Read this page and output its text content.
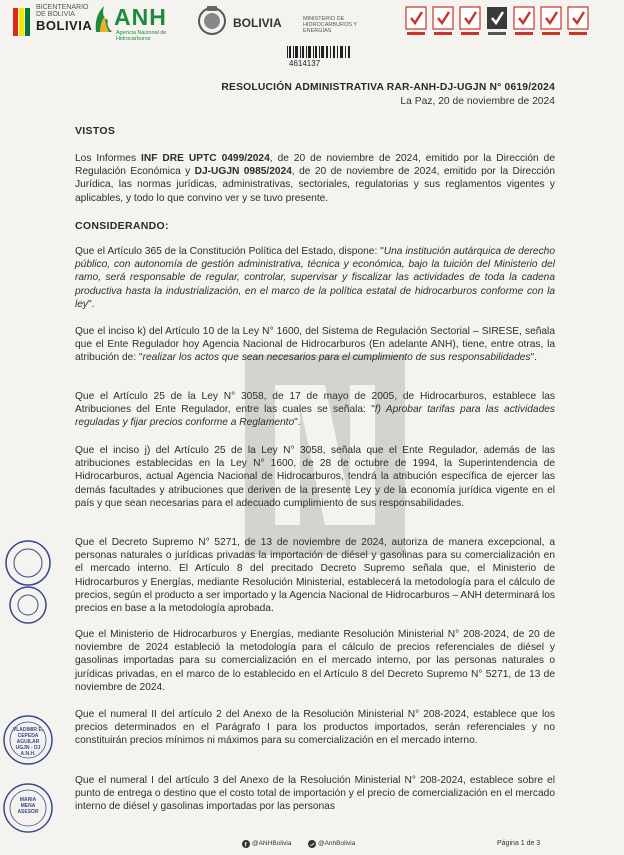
BICENTENARIO DE BOLIVIA
BOLIVIA ANH
Agencia Nacional de Hidrocarburos
BOLIVIA	MINISTERIO DE HIDROCARBUROS Y ENERGÍAS
4614137
RESOLUCIÓN ADMINISTRATIVA RAR-ANH-DJ-UGJN N° 0619/2024
La Paz, 20 de noviembre de 2024
VISTOS
Los Informes INF DRE UPTC 0499/2024, de 20 de noviembre de 2024, emitido por la Dirección de Regulación Económica y DJ-UGJN 0985/2024, de 20 de noviembre de 2024, emitido por la Dirección Jurídica, las normas jurídicas, administrativas, sectoriales, regulatorias y sus reglamentos vigentes y aplicables, y todo lo que convino ver y se tuvo presente.
CONSIDERANDO:
Que el Artículo 365 de la Constitución Política del Estado, dispone: "Una institución autárquica de derecho público, con autonomía de gestión administrativa, técnica y económica, bajo la tuición del Ministerio del ramo, será responsable de regular, controlar, supervisar y fiscalizar las actividades de toda la cadena productiva hasta la industrialización, en el marco de la política estatal de hidrocarburos conforme con la ley".
Que el inciso k) del Artículo 10 de la Ley N° 1600, del Sistema de Regulación Sectorial – SIRESE, señala que el Ente Regulador hoy Agencia Nacional de Hidrocarburos (En adelante ANH), tiene, entre otras, la atribución de: "realizar los actos que sean necesarios para el cumplimiento de sus responsabilidades".
Que el Artículo 25 de la Ley N° 3058, de 17 de mayo de 2005, de Hidrocarburos, establece las Atribuciones del Ente Regulador, entre las cuales se señala: "f) Aprobar tarifas para las actividades reguladas y fijar precios conforme a Reglamento".
Que el inciso j) del Artículo 25 de la Ley N° 3058, señala que el Ente Regulador, además de las atribuciones establecidas en la Ley N° 1600, de 28 de octubre de 1994, la Superintendencia de Hidrocarburos, actual Agencia Nacional de Hidrocarburos, tendrá la atribución específica de ejercer las demás facultades y atribuciones que deriven de la presente Ley y de la economía jurídica vigente en el país y que sean necesarias para el adecuado cumplimiento de sus responsabilidades.
Que el Decreto Supremo N° 5271, de 13 de noviembre de 2024, autoriza de manera excepcional, a personas naturales o jurídicas privadas la importación de diésel y gasolinas para su comercialización en el mercado interno. El Artículo 8 del precitado Decreto Supremo señala que, el Ministerio de Hidrocarburos y Energías, mediante Resolución Ministerial, establecerá la metodología para el cálculo de precios, según el producto a ser importado y la Agencia Nacional de Hidrocarburos – ANH determinará los precios en base a la metodología aprobada.
Que el Ministerio de Hidrocarburos y Energías, mediante Resolución Ministerial N° 208-2024, de 20 de noviembre de 2024 estableció la metodología para el cálculo de precios referenciales de diésel y gasolinas importadas para su comercialización en el mercado interno, por las personas naturales o jurídicas privadas, en el marco de lo establecido en el Artículo 8 del Decreto Supremo N° 5271, de 13 de noviembre de 2024.
Que el numeral II del artículo 2 del Anexo de la Resolución Ministerial N° 208-2024, establece que los precios determinados en el Parágrafo I para los productos importados, serán referenciales y no constituirán precios mínimos ni máximos para su comercialización en el mercado interno.
Que el numeral I del artículo 3 del Anexo de la Resolución Ministerial N° 208-2024, establece sobre el punto de entrega o destino que el costo total de importación y el precio de comercialización en el mercado interno de diésel y gasolinas importadas por las personas
VLADIMIR E.
CEPEDA
AGUILAR
UGJN - DJ
A.N.H.
MARIA
MENA
ASESOR
f @ANHBolivia	@AnhBolivia	Página 1 de 3
